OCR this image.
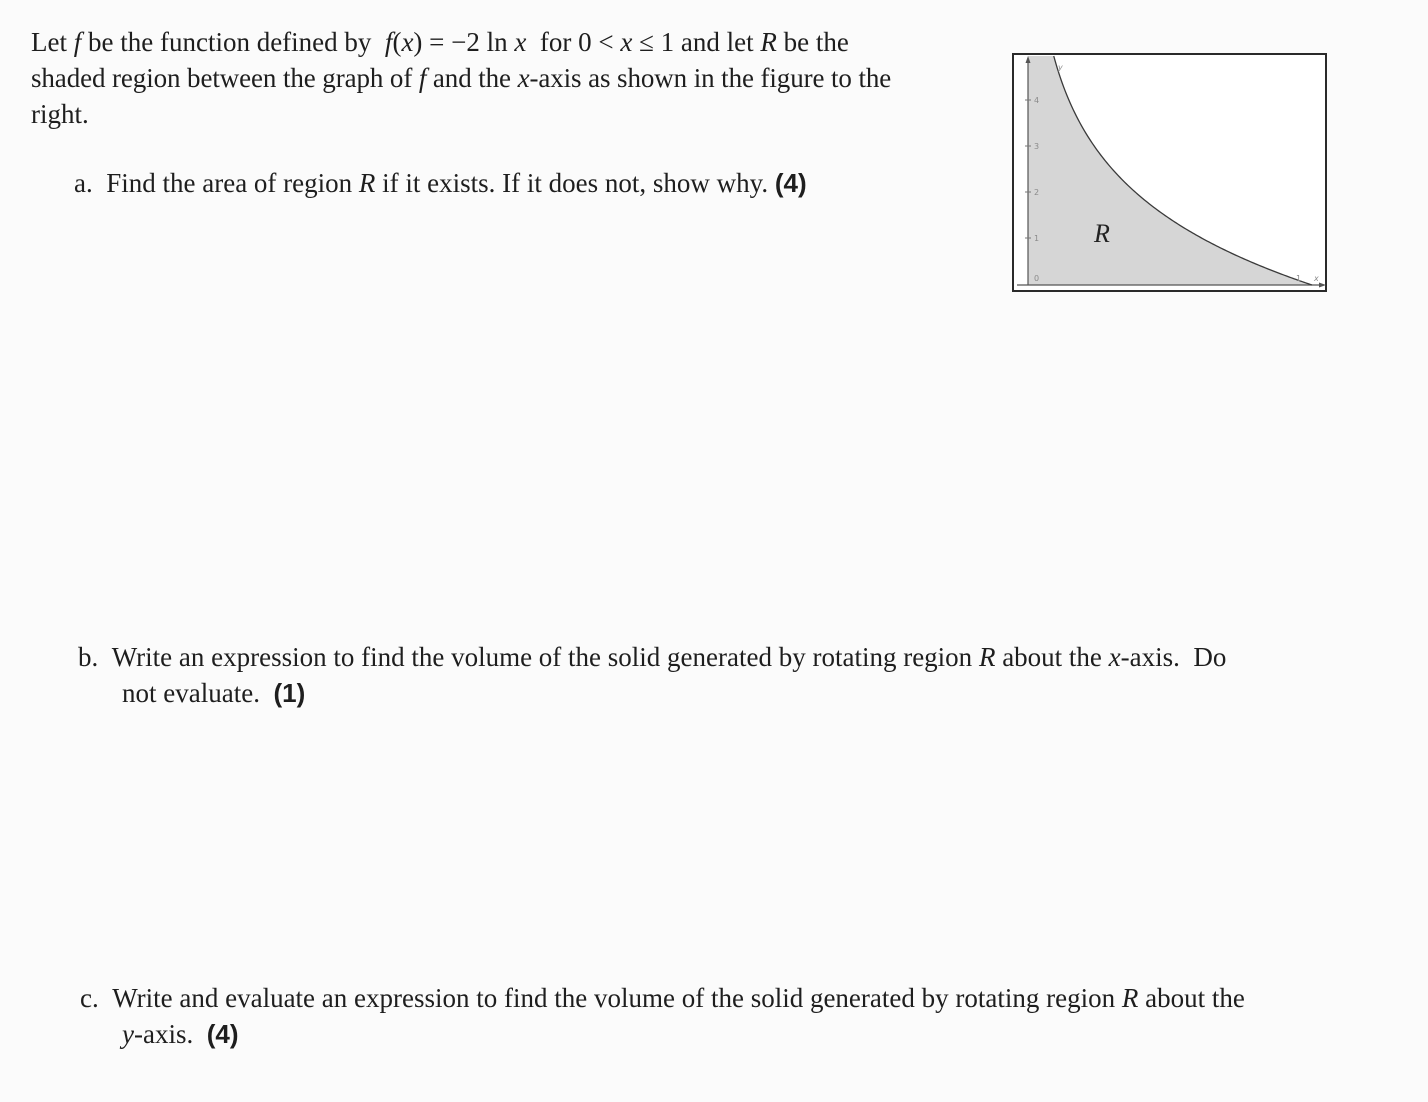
Let f be the function defined by  f(x) = −2 ln x  for 0 < x ≤ 1 and let R be the
shaded region between the graph of f and the x-axis as shown in the figure to the
right.
a.  Find the area of region R if it exists. If it does not, show why. (4)
b.  Write an expression to find the volume of the solid generated by rotating region R about the x-axis.  Do
not evaluate. (1)
c.  Write and evaluate an expression to find the volume of the solid generated by rotating region R about the
y-axis. (4)
4
3
2
1
0
y
1 x
R
